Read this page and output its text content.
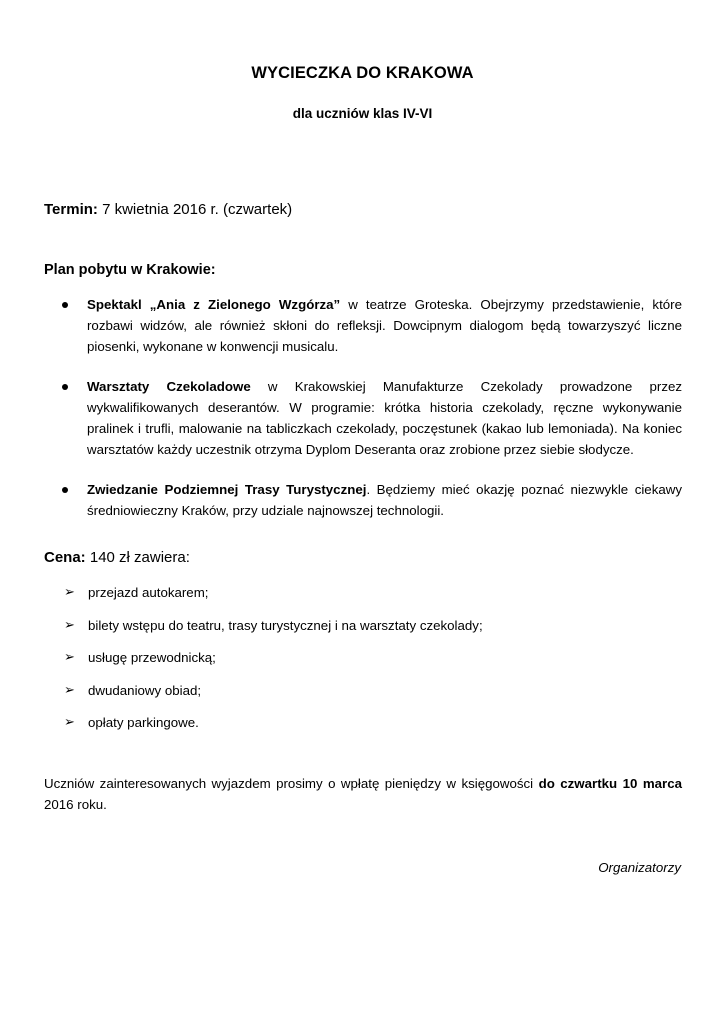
WYCIECZKA DO KRAKOWA
dla uczniów klas IV-VI
Termin: 7 kwietnia 2016 r. (czwartek)
Plan pobytu w Krakowie:
Spektakl „Ania z Zielonego Wzgórza” w teatrze Groteska. Obejrzymy przedstawienie, które rozbawi widzów, ale również skłoni do refleksji. Dowcipnym dialogom będą towarzyszyć liczne piosenki, wykonane w konwencji musicalu.
Warsztaty Czekoladowe w Krakowskiej Manufakturze Czekolady prowadzone przez wykwalifikowanych deserantów. W programie: krótka historia czekolady, ręczne wykonywanie pralinek i trufli, malowanie na tabliczkach czekolady, poczęstunek (kakao lub lemoniada). Na koniec warsztatów każdy uczestnik otrzyma Dyplom Deseranta oraz zrobione przez siebie słodycze.
Zwiedzanie Podziemnej Trasy Turystycznej. Będziemy mieć okazję poznać niezwykle ciekawy średniowieczny Kraków, przy udziale najnowszej technologii.
Cena: 140 zł zawiera:
➢ przejazd autokarem;
➢ bilety wstępu do teatru, trasy turystycznej i na warsztaty czekolady;
➢ usługę przewodnicką;
➢ dwudaniowy obiad;
➢ opłaty parkingowe.
Uczniów zainteresowanych wyjazdem prosimy o wpłatę pieniędzy w księgowości do czwartku 10 marca 2016 roku.
Organizatorzy
